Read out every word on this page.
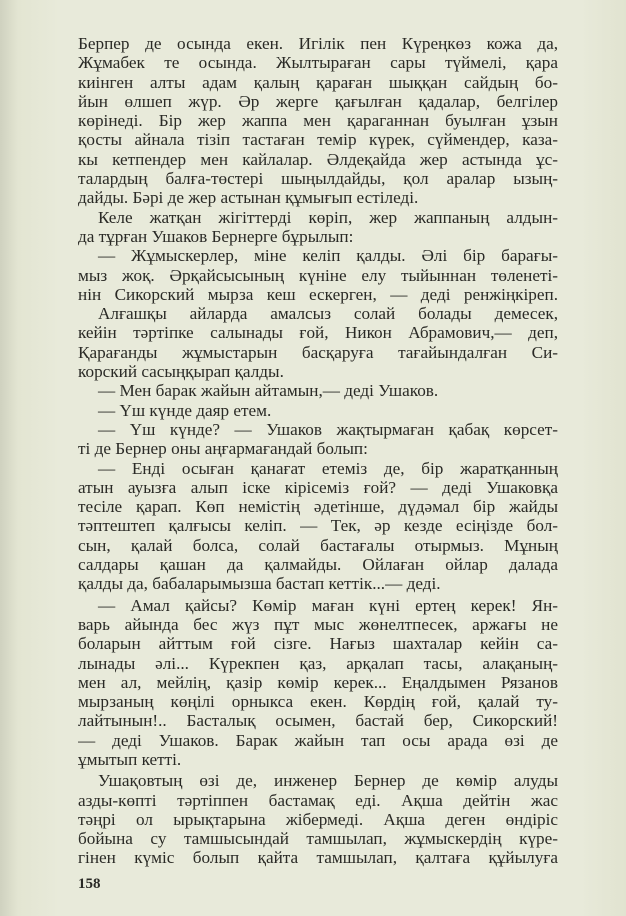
Берпер де осында екен. Игілік пен Күреңкөз кожа да,
Жұмабек те осында. Жылтыраған сары түймелі, қара
киінген алты адам қалың қараған шыққан сайдың бо-
йын өлшеп жүр. Әр жерге қағылған қадалар, белгілер
көрінеді. Бір жер жаппа мен қараганнан буылған ұзын
қосты айнала тізіп тастаған темір күрек, сүймендер, каза-
кы кетпендер мен кайлалар. Әлдеқайда жер астында ұс-
талардың балға-төстері шыңылдайды, қол аралар ызың-
дайды. Бәрі де жер астынан құмығып естіледі.
Келе жатқан жігіттерді көріп, жер жаппаның алдын-
да тұрған Ушаков Бернерге бұрылып:
— Жұмыскерлер, міне келіп қалды. Әлі бір барағы-
мыз жоқ. Әрқайсысының күніне елу тыйыннан төленеті-
нін Сикорский мырза кеш ескерген, — деді ренжіңкіреп.
Алғашқы айларда амалсыз солай болады демесек,
кейін тәртіпке салынады ғой, Никон Абрамович,— деп,
Қарағанды жұмыстарын басқаруға тағайындалған Си-
корский сасыңқырап қалды.
— Мен барак жайын айтамын,— деді Ушаков.
— Үш күнде даяр етем.
— Үш күнде? — Ушаков жақтырмаған қабақ көрсет-
ті де Бернер оны аңғармағандай болып:
— Енді осыған қанағат етеміз де, бір жаратқанның
атын ауызға алып іске кірісеміз ғой? — деді Ушаковқа
тесіле қарап. Көп немістің әдетінше, дүдәмал бір жайды
тәптештеп қалғысы келіп. — Тек, әр кезде есіңізде бол-
сын, қалай болса, солай бастағалы отырмыз. Мұның
салдары қашан да қалмайды. Ойлаған ойлар далада
қалды да, бабаларымызша бастап кеттік...— деді.
— Амал қайсы? Көмір маған күні ертең керек! Ян-
варь айында бес жүз пұт мыс жөнелтпесек, аржағы не
боларын айттым ғой сізге. Нағыз шахталар кейін са-
лынады әлі... Күрекпен қаз, арқалап тасы, алақаның-
мен ал, мейлің, қазір көмір керек... Еңалдымен Рязанов
мырзаның көңілі орныкса екен. Көрдің ғой, қалай ту-
лайтынын!.. Басталық осымен, бастай бер, Сикорский!
— деді Ушаков. Барак жайын тап осы арада өзі де
ұмытып кетті.
Ушақовтың өзі де, инженер Бернер де көмір алуды
азды-көпті тәртіппен бастамақ еді. Ақша дейтін жас
тәңрі ол ырықтарына жібермеді. Ақша деген өндіріс
бойына су тамшысындай тамшылап, жұмыскердің күре-
гінен күміс болып қайта тамшылап, қалтаға құйылуға
158
